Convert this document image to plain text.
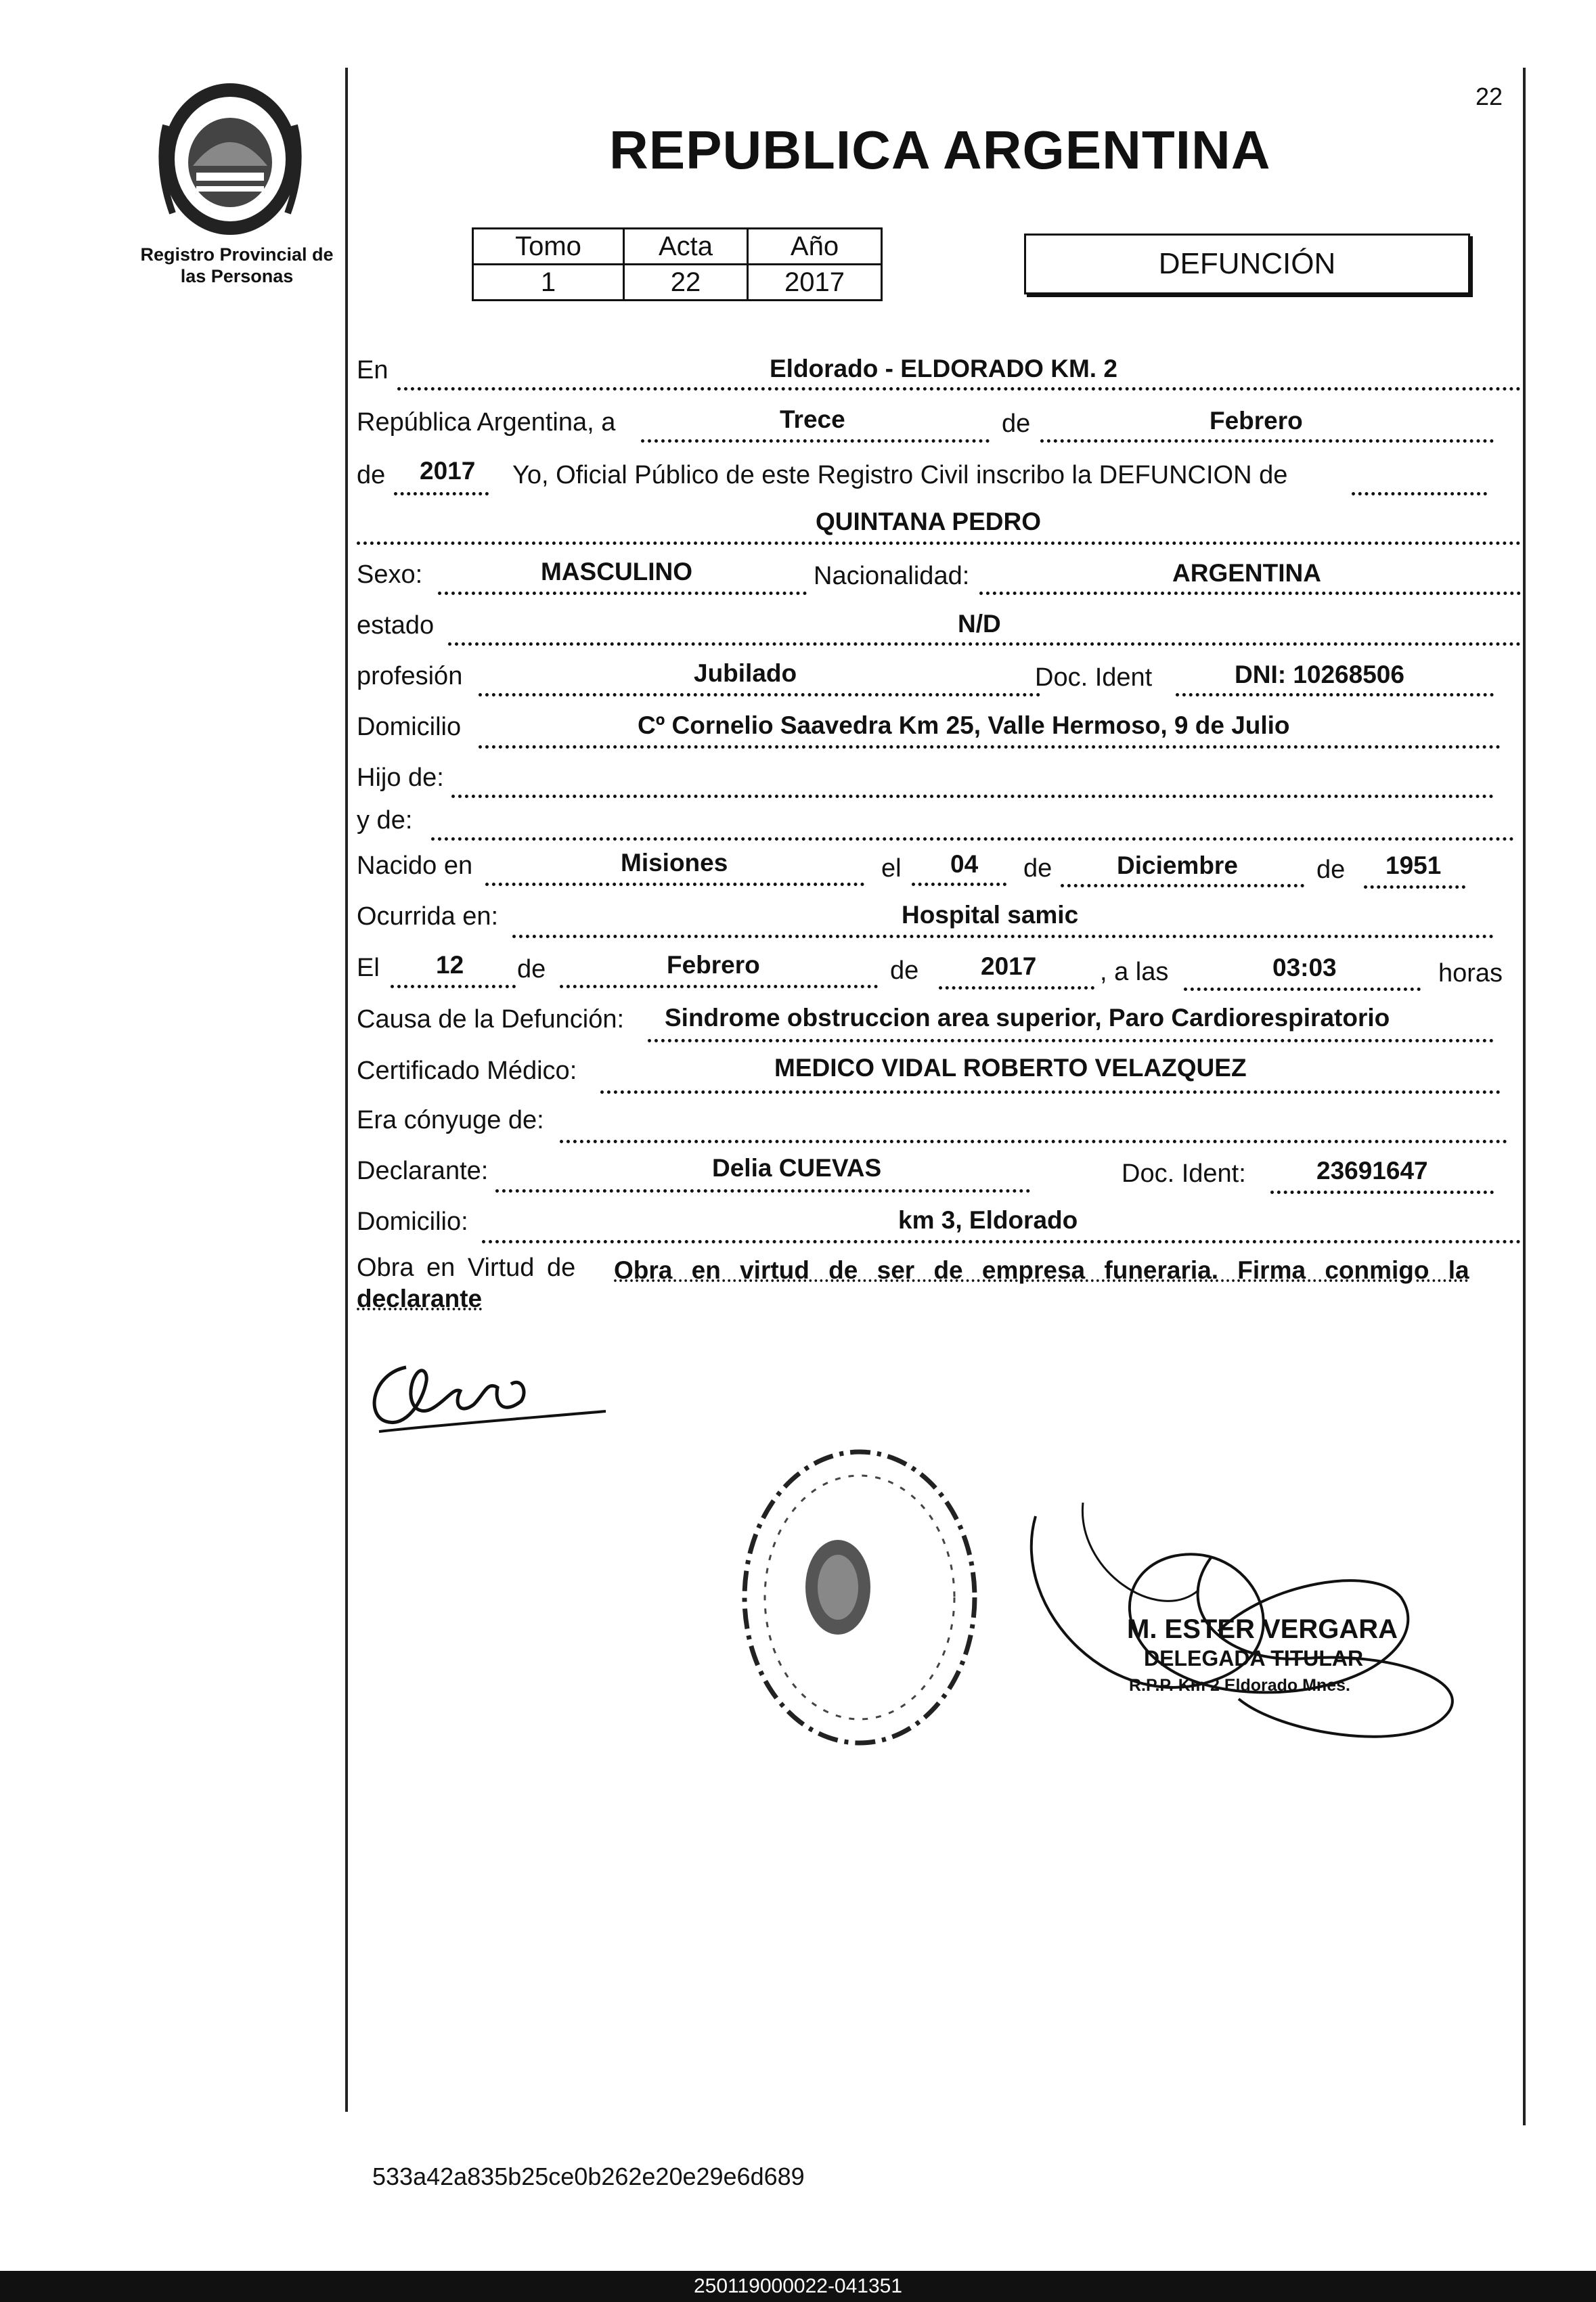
Registro Provincial de las Personas
22
REPUBLICA ARGENTINA
Tomo	Acta	Año
1	22	2017
DEFUNCIÓN
En	Eldorado - ELDORADO KM. 2
República Argentina, a	Trece	de	Febrero
de 2017 Yo, Oficial Público de este Registro Civil inscribo la DEFUNCION de
QUINTANA PEDRO
Sexo:	MASCULINO	Nacionalidad:	ARGENTINA
estado	N/D
profesión	Jubilado	Doc. Ident	DNI: 10268506
Domicilio	Cº Cornelio Saavedra Km 25, Valle Hermoso, 9 de Julio
Hijo de:
y de:
Nacido en	Misiones	el 04 de	Diciembre	de 1951
Ocurrida en:	Hospital samic
El 12 de	Febrero	de 2017 , a las	03:03	horas
Causa de la Defunción: Sindrome obstruccion area superior, Paro Cardiorespiratorio
Certificado Médico:	MEDICO VIDAL ROBERTO VELAZQUEZ
Era cónyuge de:
Declarante:	Delia CUEVAS	Doc. Ident:	23691647
Domicilio:	km 3, Eldorado
Obra en Virtud de Obra en virtud de ser de empresa funeraria. Firma conmigo la
declarante
M. ESTER VERGARA
DELEGADA TITULAR
R.P.P. Km 2 Eldorado Mnes.
533a42a835b25ce0b262e20e29e6d689
250119000022-041351
